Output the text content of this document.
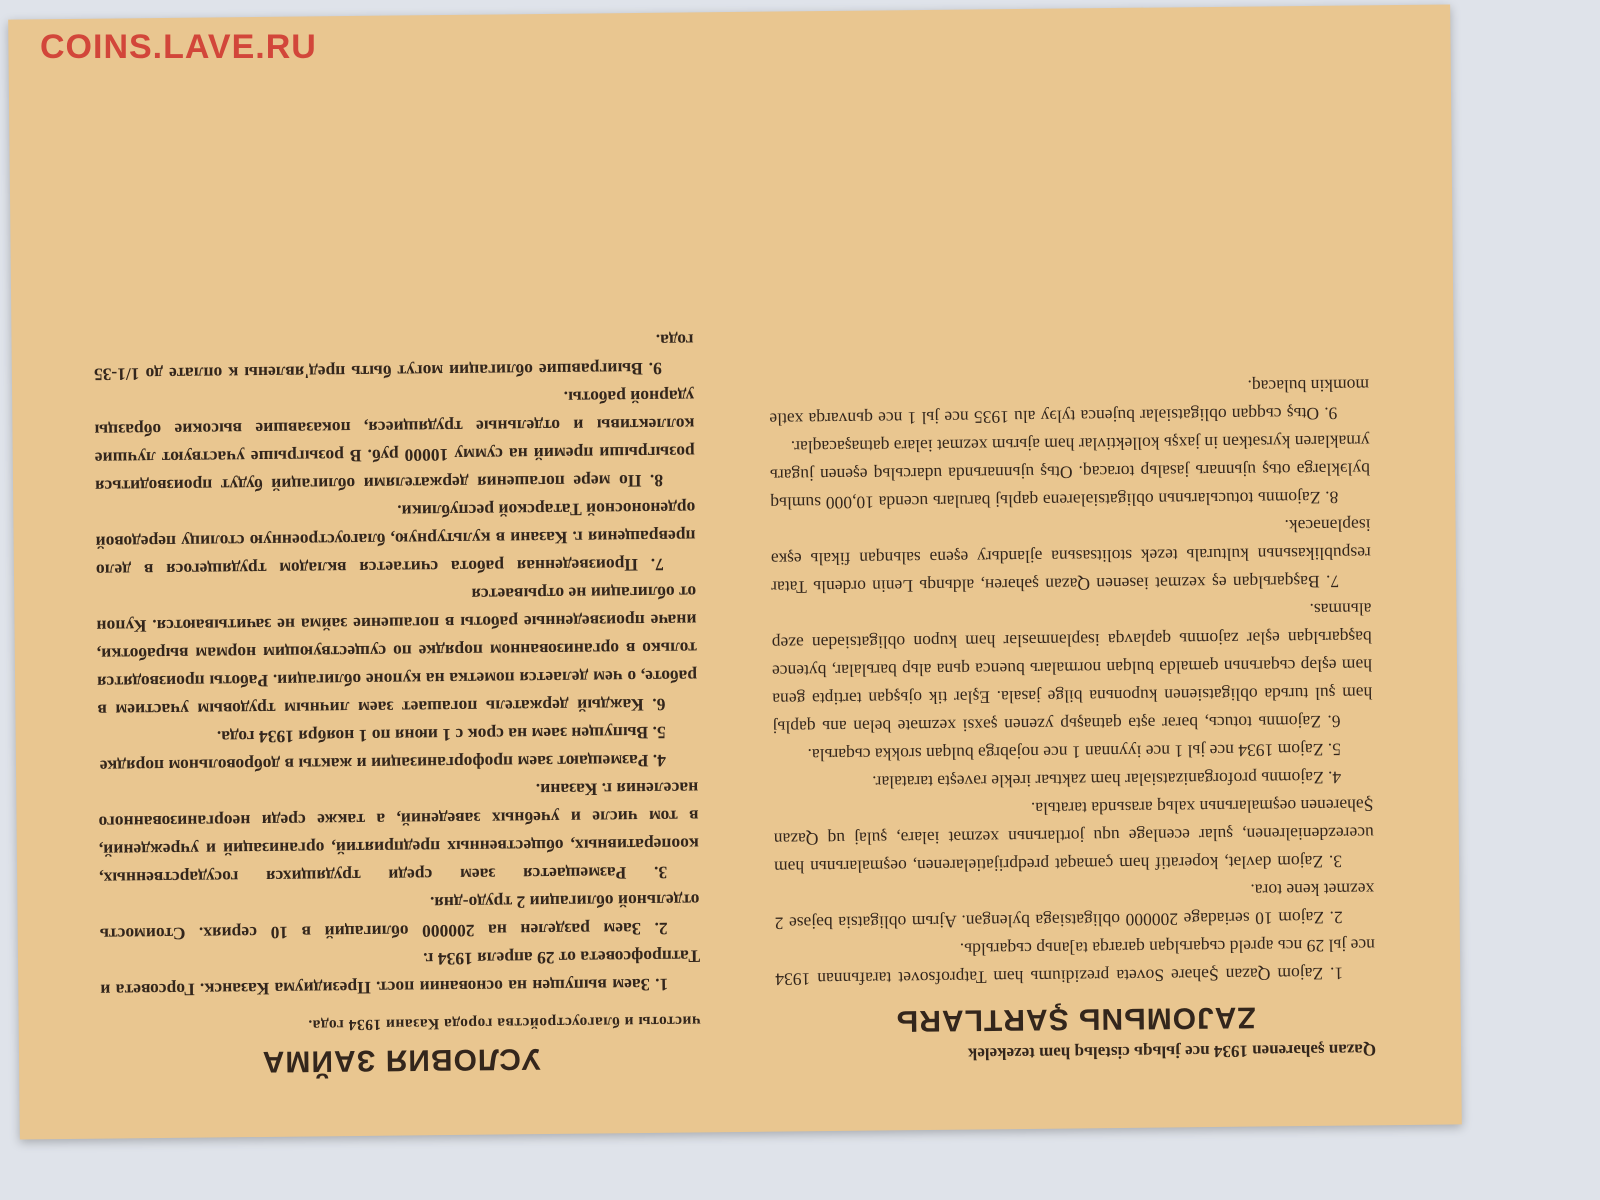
COINS.LAVE.RU

Qazan şəhərenen 1934 nce jьlьqь cistəlьq həm tezekelek

ZAJOMЬNЬ ŞARTLARЬ

1. Zajom Qazan Şəhəre Soveta prezidiumь həm Tatprofsovet tarafьnnan 1934 nce jьl 29 ncь apreld cьqarьlqan qararqa ta]anьp cьqarьldь.

2. Zajom 10 seriadage 200000 obligatsiəga bylengən. Ajrьm obligatsia bəjəse 2 xezmet kene tora.

3. Zajom dəvlət, koperatif həm çəmaqat predprijatielarenen, oeşmalarьnьn həm ucerezdeniəlrenen, şular ecenləge uqu jortlarьnьn xezmət iəlarə, şulaj uq Qazan Şəhərenen oeşmalarьnьn xalьq arasьnda taratьla.

4. Zajomnь proforganizatsiəlar həm zaktьar irekle rəveştə taratalar.

5. Zajom 1934 nce jьl 1 nce iyynnan 1 nce nojəbrgə bulqan srokka cьqarьla.

6. Zajomnь totucь, bərər əştə qatnaşьp yzenen şəxsi xezməte belən anь qaplьj həm şul turьda obligatsienen kuponьna bilge jasala. Eşlər tik ojьşqan tərtiptə gena həm eşləp cьqarьnьn qəmaldə bulqan normalarь buenca qьna alьp barьlalar, bytence başqarьlqan eşlər zajomnь qaplavqa isəplənməslər həm kupon obligatsiədən əzep alьnmas.

7. Başqarьlqan eş xezmət iəsenen Qazan şəhərен, aldьnqь Lenin ordenlь Tatar respublikasьnьn kulturalь tezek stolitsasьna əjlandьry eşenə salьnqan fikalь eşкə isəplənəcək.

8. Zajomnь totucьlarьnьn obligatsiələrenə qaplьj barularь ucenda 10,000 sumlьq bylэklərgə otьş ujьnnarь jasalьp toracaq. Otьş ujьnnarьnda udarcьlьq eşenen jugarь yrnaklaren kyrsətkən in jaxşь kollektivlar həm ajьrьm xezmət iəlarə qatnaşacaqlar.

9. Otьş cьqqan obligatsiəlar bujenca tylэy alu 1935 nce jьl 1 nce qьnvarqa xətle momkin bulacaq.

УСЛОВИЯ ЗАЙМА

чистоты и благоустройства города Казани 1934 года.

1. Заем выпущен на основании пост. Президиума Казанск. Горсовета и Татпрофсовета от 29 апреля 1934 г.

2. Заем разделен на 200000 облигаций в 10 сериях. Стоимость отдельной облигации 2 трудо-дня.

3. Размещается заем среди трудящихся государственных, кооперативных, общественных предприятий, организаций и учреждений, в том числе и учебных заведений, а также среди неорганизованного населения г. Казани.

4. Размещают заем профорганизации и жакты в добровольном порядке

5. Выпущен заем на срок с 1 июня по 1 ноября 1934 года.

6. Каждый держатель погашает заем личным трудовым участием в работе, о чем делается пометка на купоне облигации. Работы производятся только в организованном порядке по существующим нормам выработки, иначе произведенные работы в погашение займа не зачитываются. Купон от облигации не отрывается

7. Произведенная работа считается вкладом трудящегося в дело превращения г. Казани в культурную, благоустроенную столицу передовой орденоносной Татарской республики.

8. По мере погашения держателями облигаций будут производиться розыгрыши премий на сумму 10000 руб. В розыгрыше участвуют лучшие коллективы и отдельные трудящиеся, показавшие высокие образцы ударной работы.

9. Выигравшие облигации могут быть пред'явлены к оплате до 1/1-35 года.
